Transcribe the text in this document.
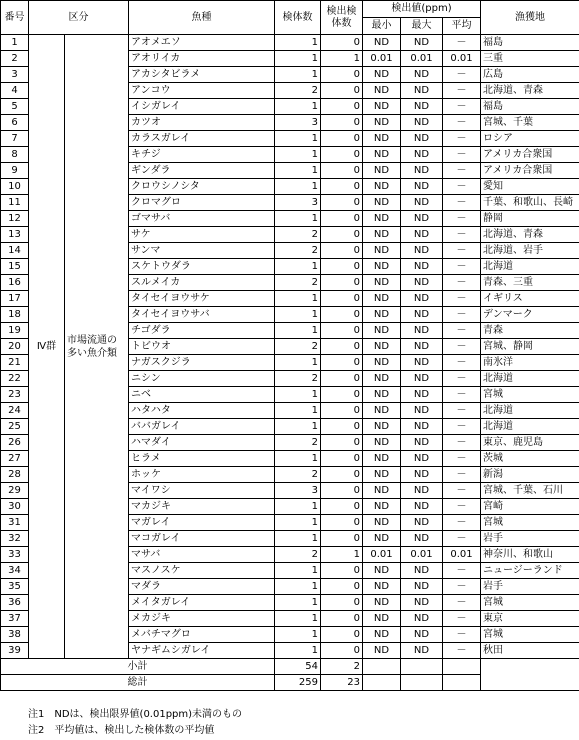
番号	区分		魚種	検体数	検出検体数	検出値(ppm)			漁獲地
						最小	最大	平均	
1	Ⅳ群	市場流通の多い魚介類	アオメエソ	1	0	ND	ND	－	福島
2			アオリイカ	1	1	0.01	0.01	0.01	三重
3			アカシタビラメ	1	0	ND	ND	－	広島
4			アンコウ	2	0	ND	ND	－	北海道、青森
5			イシガレイ	1	0	ND	ND	－	福島
6			カツオ	3	0	ND	ND	－	宮城、千葉
7			カラスガレイ	1	0	ND	ND	－	ロシア
8			キチジ	1	0	ND	ND	－	アメリカ合衆国
9			ギンダラ	1	0	ND	ND	－	アメリカ合衆国
10			クロウシノシタ	1	0	ND	ND	－	愛知
11			クロマグロ	3	0	ND	ND	－	千葉、和歌山、長崎
12			ゴマサバ	1	0	ND	ND	－	静岡
13			サケ	2	0	ND	ND	－	北海道、青森
14			サンマ	2	0	ND	ND	－	北海道、岩手
15			スケトウダラ	1	0	ND	ND	－	北海道
16			スルメイカ	2	0	ND	ND	－	青森、三重
17			タイセイヨウサケ	1	0	ND	ND	－	イギリス
18			タイセイヨウサバ	1	0	ND	ND	－	デンマーク
19			チゴダラ	1	0	ND	ND	－	青森
20			トビウオ	2	0	ND	ND	－	宮城、静岡
21			ナガスクジラ	1	0	ND	ND	－	南氷洋
22			ニシン	2	0	ND	ND	－	北海道
23			ニベ	1	0	ND	ND	－	宮城
24			ハタハタ	1	0	ND	ND	－	北海道
25			ババガレイ	1	0	ND	ND	－	北海道
26			ハマダイ	2	0	ND	ND	－	東京、鹿児島
27			ヒラメ	1	0	ND	ND	－	茨城
28			ホッケ	2	0	ND	ND	－	新潟
29			マイワシ	3	0	ND	ND	－	宮城、千葉、石川
30			マカジキ	1	0	ND	ND	－	宮崎
31			マガレイ	1	0	ND	ND	－	宮城
32			マコガレイ	1	0	ND	ND	－	岩手
33			マサバ	2	1	0.01	0.01	0.01	神奈川、和歌山
34			マスノスケ	1	0	ND	ND	－	ニュージーランド
35			マダラ	1	0	ND	ND	－	岩手
36			メイタガレイ	1	0	ND	ND	－	宮城
37			メカジキ	1	0	ND	ND	－	東京
38			メバチマグロ	1	0	ND	ND	－	宮城
39			ヤナギムシガレイ	1	0	ND	ND	－	秋田
小計				54	2				
総計				259	23				
注1　NDは、検出限界値(0.01ppm)未満のもの
注2　平均値は、検出した検体数の平均値
